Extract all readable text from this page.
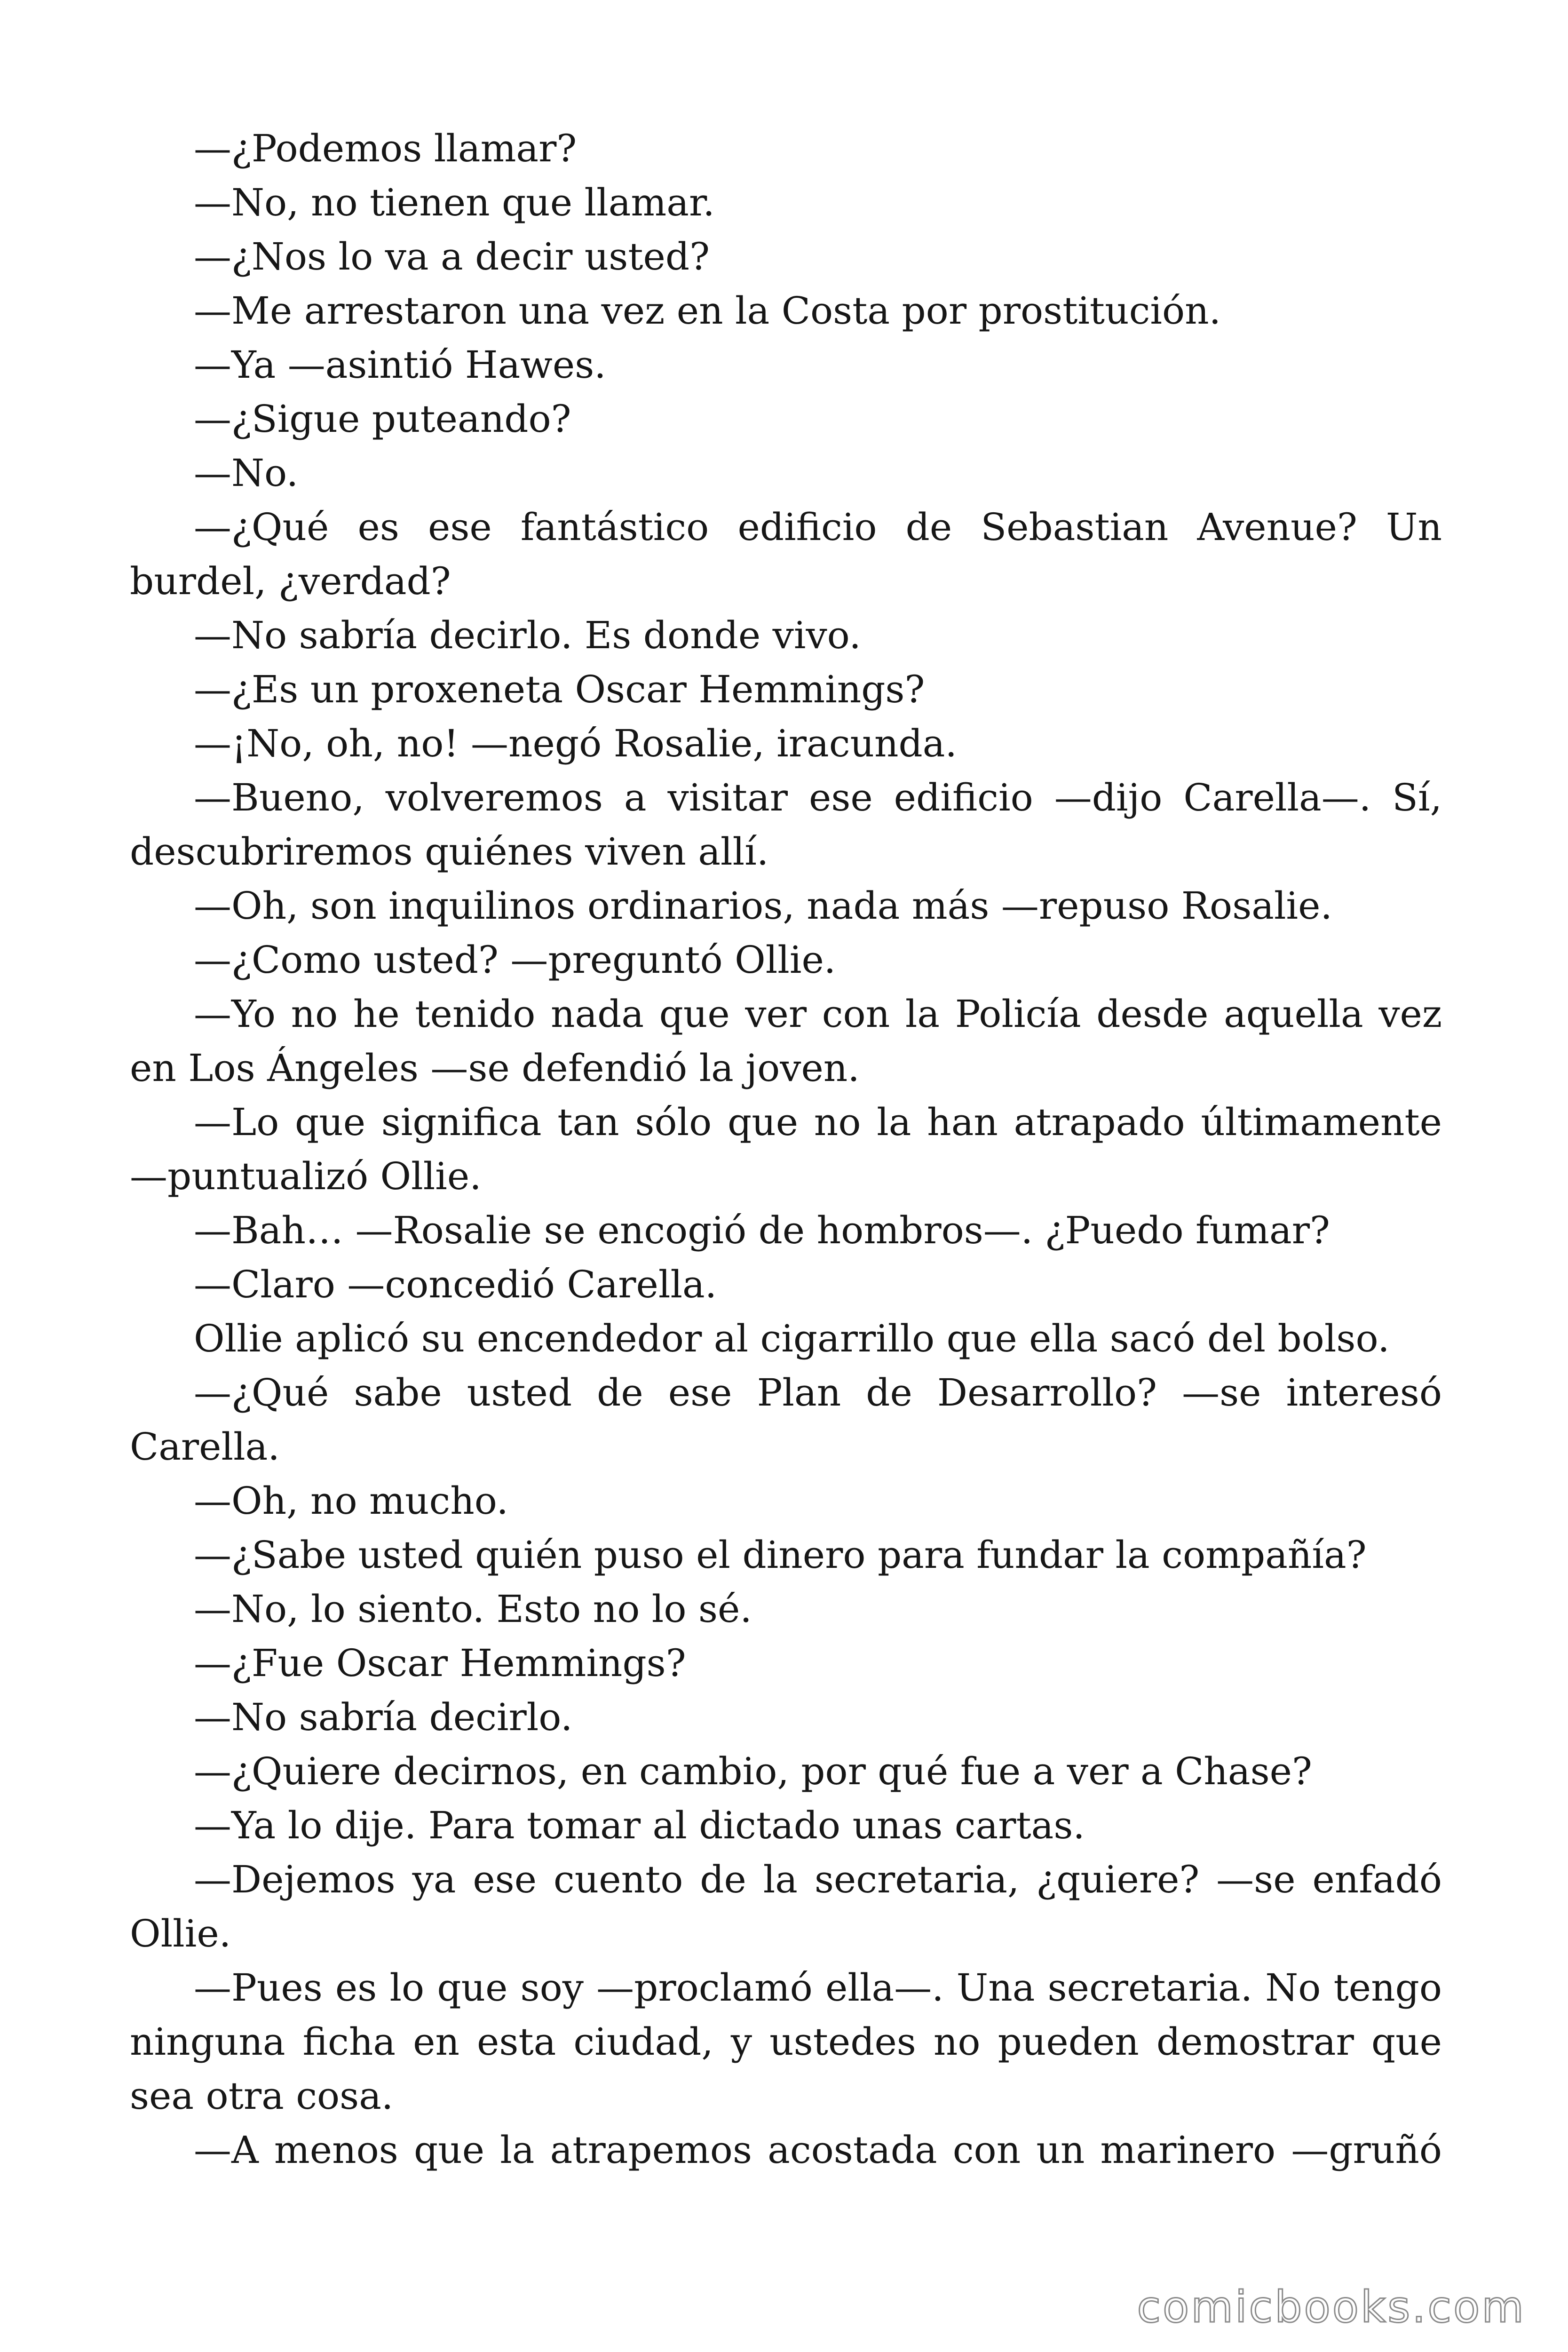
—¿Podemos llamar?

—No, no tienen que llamar.

—¿Nos lo va a decir usted?

—Me arrestaron una vez en la Costa por prostitución.

—Ya —asintió Hawes.

—¿Sigue puteando?

—No.

—¿Qué es ese fantástico edificio de Sebastian Avenue? Un burdel, ¿verdad?

—No sabría decirlo. Es donde vivo.

—¿Es un proxeneta Oscar Hemmings?

—¡No, oh, no! —negó Rosalie, iracunda.

—Bueno, volveremos a visitar ese edificio —dijo Carella—. Sí, descubriremos quiénes viven allí.

—Oh, son inquilinos ordinarios, nada más —repuso Rosalie.

—¿Como usted? —preguntó Ollie.

—Yo no he tenido nada que ver con la Policía desde aquella vez en Los Ángeles —se defendió la joven.

—Lo que significa tan sólo que no la han atrapado últimamente —puntualizó Ollie.

—Bah… —Rosalie se encogió de hombros—. ¿Puedo fumar?

—Claro —concedió Carella.

Ollie aplicó su encendedor al cigarrillo que ella sacó del bolso.

—¿Qué sabe usted de ese Plan de Desarrollo? —se interesó Carella.

—Oh, no mucho.

—¿Sabe usted quién puso el dinero para fundar la compañía?

—No, lo siento. Esto no lo sé.

—¿Fue Oscar Hemmings?

—No sabría decirlo.

—¿Quiere decirnos, en cambio, por qué fue a ver a Chase?

—Ya lo dije. Para tomar al dictado unas cartas.

—Dejemos ya ese cuento de la secretaria, ¿quiere? —se enfadó Ollie.

—Pues es lo que soy —proclamó ella—. Una secretaria. No tengo ninguna ficha en esta ciudad, y ustedes no pueden demostrar que sea otra cosa.

—A menos que la atrapemos acostada con un marinero —gruñó

comicbooks.com
